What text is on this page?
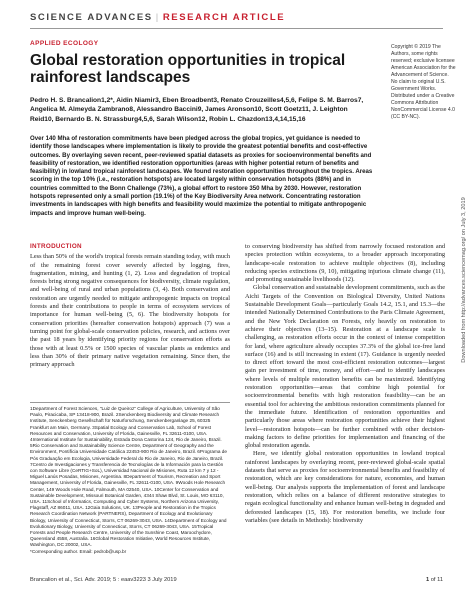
SCIENCE ADVANCES | RESEARCH ARTICLE
APPLIED ECOLOGY
Global restoration opportunities in tropical rainforest landscapes
Pedro H. S. Brancalion1,2*, Aidin Niamir3, Eben Broadbent3, Renato Crouzeilles4,5,6, Felipe S. M. Barros7, Angelica M. Almeyda Zambrano8, Alessandro Baccini9, James Aronson10, Scott Goetz11, J. Leighton Reid10, Bernardo B. N. Strassburg4,5,6, Sarah Wilson12, Robin L. Chazdon13,4,14,15,16
Copyright © 2019 The Authors, some rights reserved; exclusive licensee American Association for the Advancement of Science. No claim to original U.S. Government Works. Distributed under a Creative Commons Attribution NonCommercial License 4.0 (CC BY-NC).
Over 140 Mha of restoration commitments have been pledged across the global tropics, yet guidance is needed to identify those landscapes where implementation is likely to provide the greatest potential benefits and cost-effective outcomes. By overlaying seven recent, peer-reviewed spatial datasets as proxies for socioenvironmental benefits and feasibility of restoration, we identified restoration opportunities (areas with higher potential return of benefits and feasibility) in lowland tropical rainforest landscapes. We found restoration opportunities throughout the tropics. Areas scoring in the top 10% (i.e., restoration hotspots) are located largely within conservation hotspots (88%) and in countries committed to the Bonn Challenge (73%), a global effort to restore 350 Mha by 2030. However, restoration hotspots represented only a small portion (19.1%) of the Key Biodiversity Area network. Concentrating restoration investments in landscapes with high benefits and feasibility would maximize the potential to mitigate anthropogenic impacts and improve human well-being.	Downloaded from http://advances.sciencemag.org/ on July 3, 2019
INTRODUCTION

Less than 50% of the world's tropical forests remain standing today, with much of the remaining forest cover severely affected by logging, fires, fragmentation, mining, and hunting (1, 2). Loss and degradation of tropical forests bring strong negative consequences for biodiversity, climate regulation, and well-being of rural and urban populations (3, 4). Both conservation and restoration are urgently needed to mitigate anthropogenic impacts on tropical forests and their contributions to people in terms of ecosystem services of importance for human well-being (5, 6). The biodiversity hotspots for conservation priorities (hereafter conservation hotspots) approach (7) was a turning point for global-scale conservation policies, research, and actions over the past 18 years by identifying priority regions for conservation efforts as those with at least 0.5% or 1500 species of vascular plants as endemics and less than 30% of their primary native vegetation remaining. Since then, the primary approach

1Department of Forest Sciences, "Luiz de Queiroz" College of Agriculture, University of São Paulo, Piracicaba, SP 13418-900, Brazil. 2Senckenberg Biodiversity and Climate Research Institute, Senckenberg Gesellschaft für Naturforschung, Senckenberganlage 25, 60325 Frankfurt am Main, Germany. 3Spatial Ecology and Conservation Lab, School of Forest Resources and Conservation, University of Florida, Gainesville, FL 32611-0100, USA. 4International Institute for Sustainability, Estrada Dona Castorina 124, Rio de Janeiro, Brazil. 5Rio Conservation and Sustainability Science Centre, Department of Geography and the Environment, Pontifícia Universidade Católica 22453-900 Rio de Janeiro, Brazil. 6Programa de Pós Graduação em Ecologia, Universidade Federal do Rio de Janeiro, Rio de Janeiro, Brazil. 7Centro de Investigaciones y Transferencia de Tecnologías de la Información para la Gestión con Software Libre (CeRTIG+SoL), Universidad Nacional de Misiones, Ruta 12 km 7 y 12 - Miguel Lanús Posadas, Misiones, Argentina. 8Department of Tourism, Recreation and Sport Management, University of Florida, Gainesville, FL 32611-0100, USA. 9Woods Hole Research Center, 149 Woods Hole Road, Falmouth, MA 02540, USA. 10Center for Conservation and Sustainable Development, Missouri Botanical Garden, 4344 Shaw Blvd, St. Louis, MO 63110, USA. 11School of Informatics, Computing and Cyber Systems, Northern Arizona University, Flagstaff, AZ 86011, USA. 12Gaia Solutions, UK. 13People and Restoration in the Tropics Research Coordination Network (PARTNERS), Department of Ecology and Evolutionary Biology, University of Connecticut, Storrs, CT 06269-3043, USA. 14Department of Ecology and Evolutionary Biology, University of Connecticut, Storrs, CT 06269-3043, USA. 15Tropical Forests and People Research Centre, University of the Sunshine Coast, Maroochydore, Queensland 4558, Australia. 16Global Restoration Initiative, World Resources Institute, Washington, DC 20002, USA.
*Corresponding author. Email: pedrob@usp.br

to conserving biodiversity has shifted from narrowly focused restoration and species protection within ecosystems, to a broader approach incorporating landscape-scale restoration to achieve multiple objectives (8), including reducing species extinctions (9, 10), mitigating injurious climate change (11), and promoting sustainable livelihoods (12).

Global conservation and sustainable development commitments, such as the Aichi Targets of the Convention on Biological Diversity, United Nations Sustainable Development Goals—particularly Goals 14.2, 15.1, and 15.3—the intended Nationally Determined Contributions to the Paris Climate Agreement, and the New York Declaration on Forests, rely heavily on restoration to achieve their objectives (13–15). Restoration at a landscape scale is challenging, as restoration efforts occur in the context of intense competition for land, where agriculture already occupies 37.3% of the global ice-free land surface (16) and is still increasing in extent (17). Guidance is urgently needed to direct effort toward the most cost-efficient restoration outcomes—largest gain per investment of time, money, and effort—and to identify landscapes where levels of multiple restoration benefits can be maximized. Identifying restoration opportunities—areas that combine high potential for socioenvironmental benefits with high restoration feasibility—can be an essential tool for achieving the ambitious restoration commitments planned for the immediate future. Identification of restoration opportunities and particularly those areas where restoration opportunities achieve their highest level—restoration hotspots—can be further combined with other decision-making factors to define priorities for implementation and financing of the global restoration agenda.

Here, we identify global restoration opportunities in lowland tropical rainforest landscapes by overlaying recent, peer-reviewed global-scale spatial datasets that serve as proxies for socioenvironmental benefits and feasibility of restoration, which are key considerations for nature, economies, and human well-being. Our analysis supports the implementation of forest and landscape restoration, which relies on a balance of different restorative strategies to regain ecological functionality and enhance human well-being in degraded and deforested landscapes (15, 18). For restoration benefits, we include four variables (see details in Methods): biodiversity

Brancalion et al., Sci. Adv. 2019; 5 : eaav3223 3 July 2019	1 of 11
